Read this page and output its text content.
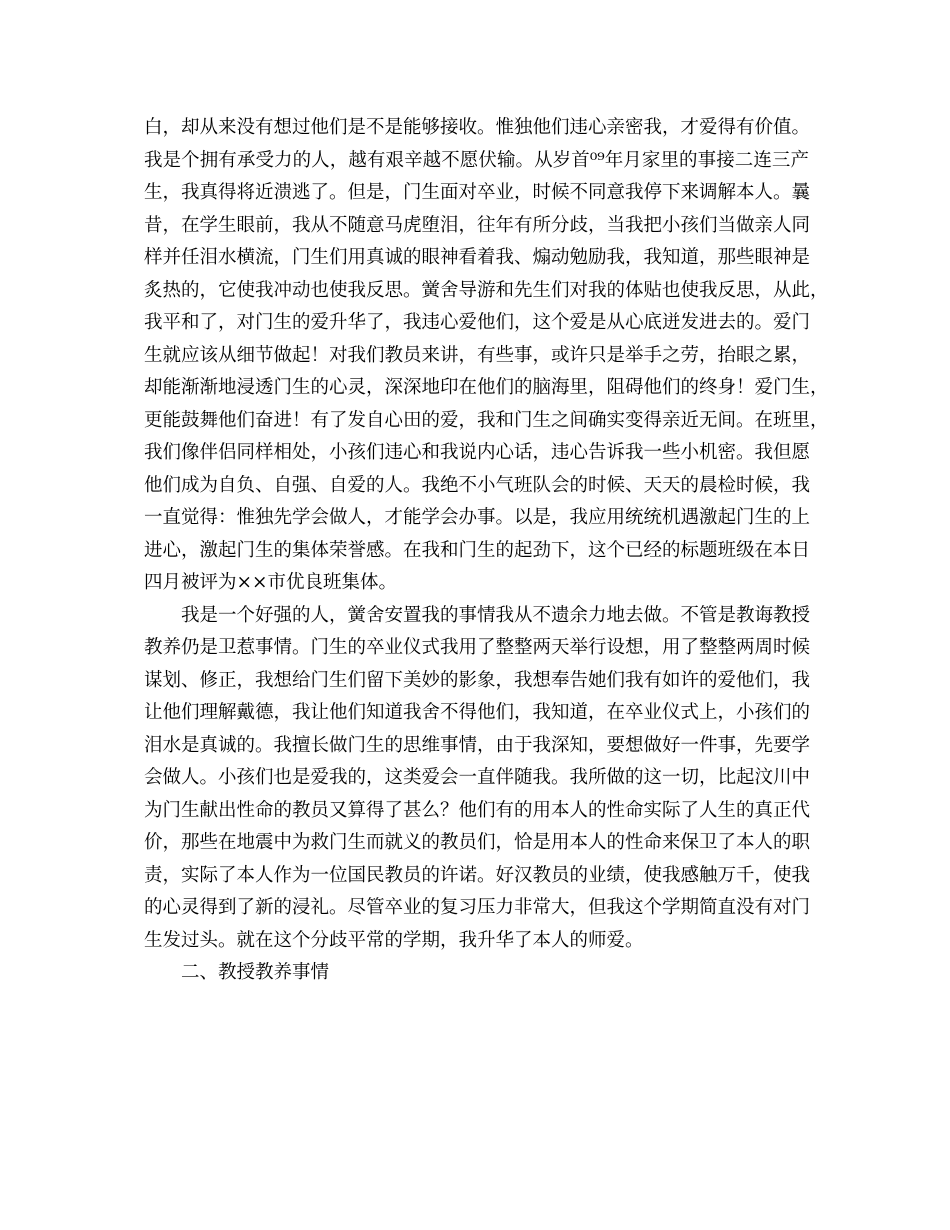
白，却从来没有想过他们是不是能够接收。惟独他们违心亲密我，才爱得有价值。
我是个拥有承受力的人，越有艰辛越不愿伏输。从岁首⁰⁹年月家里的事接二连三产
生，我真得将近溃逃了。但是，门生面对卒业，时候不同意我停下来调解本人。曩
昔，在学生眼前，我从不随意马虎堕泪，往年有所分歧，当我把小孩们当做亲人同
样并任泪水横流，门生们用真诚的眼神看着我、煽动勉励我，我知道，那些眼神是
炙热的，它使我冲动也使我反思。黉舍导游和先生们对我的体贴也使我反思，从此，
我平和了，对门生的爱升华了，我违心爱他们，这个爱是从心底迸发进去的。爱门
生就应该从细节做起！对我们教员来讲，有些事，或许只是举手之劳，抬眼之累，
却能渐渐地浸透门生的心灵，深深地印在他们的脑海里，阻碍他们的终身！爱门生，
更能鼓舞他们奋进！有了发自心田的爱，我和门生之间确实变得亲近无间。在班里，
我们像伴侣同样相处，小孩们违心和我说内心话，违心告诉我一些小机密。我但愿
他们成为自负、自强、自爱的人。我绝不小气班队会的时候、天天的晨检时候，我
一直觉得：惟独先学会做人，才能学会办事。以是，我应用统统机遇激起门生的上
进心，激起门生的集体荣誉感。在我和门生的起劲下，这个已经的标题班级在本日
四月被评为××市优良班集体。
我是一个好强的人，黉舍安置我的事情我从不遗余力地去做。不管是教诲教授
教养仍是卫惹事情。门生的卒业仪式我用了整整两天举行设想，用了整整两周时候
谋划、修正，我想给门生们留下美妙的影象，我想奉告她们我有如许的爱他们，我
让他们理解戴德，我让他们知道我舍不得他们，我知道，在卒业仪式上，小孩们的
泪水是真诚的。我擅长做门生的思维事情，由于我深知，要想做好一件事，先要学
会做人。小孩们也是爱我的，这类爱会一直伴随我。我所做的这一切，比起汶川中
为门生献出性命的教员又算得了甚么？他们有的用本人的性命实际了人生的真正代
价，那些在地震中为救门生而就义的教员们，恰是用本人的性命来保卫了本人的职
责，实际了本人作为一位国民教员的许诺。好汉教员的业绩，使我感触万千，使我
的心灵得到了新的浸礼。尽管卒业的复习压力非常大，但我这个学期简直没有对门
生发过头。就在这个分歧平常的学期，我升华了本人的师爱。
二、教授教养事情
